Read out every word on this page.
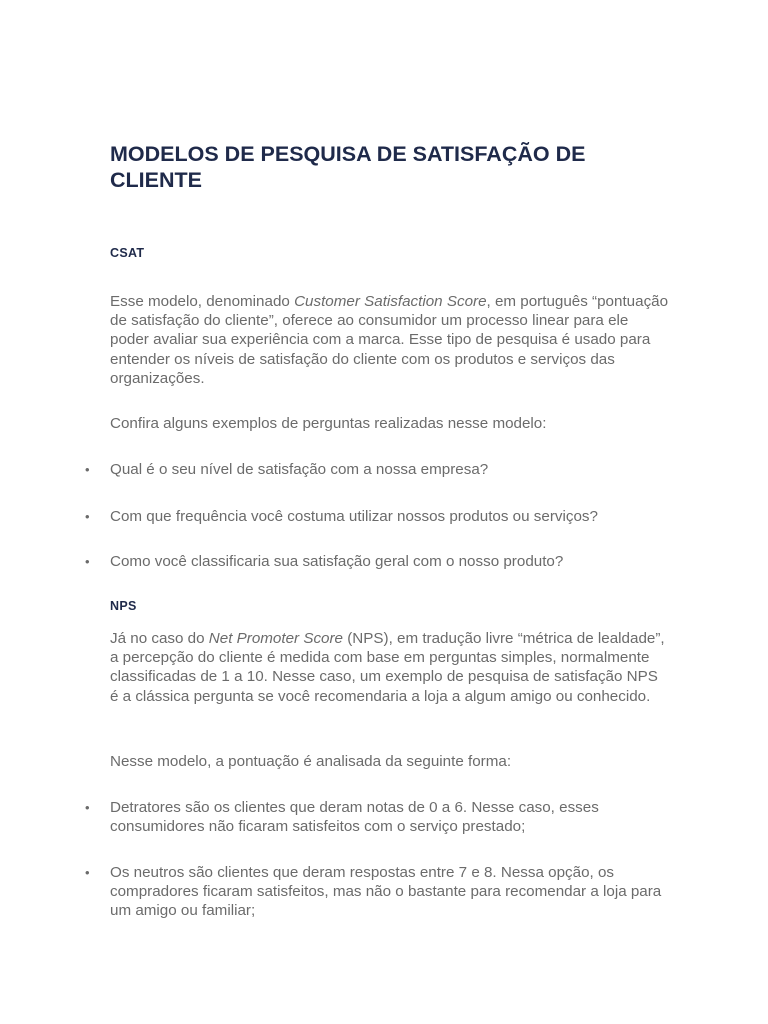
MODELOS DE PESQUISA DE SATISFAÇÃO DE CLIENTE

CSAT

Esse modelo, denominado Customer Satisfaction Score, em português “pontuação de satisfação do cliente”, oferece ao consumidor um processo linear para ele poder avaliar sua experiência com a marca. Esse tipo de pesquisa é usado para entender os níveis de satisfação do cliente com os produtos e serviços das organizações.

Confira alguns exemplos de perguntas realizadas nesse modelo:

•	Qual é o seu nível de satisfação com a nossa empresa?
•	Com que frequência você costuma utilizar nossos produtos ou serviços?
•	Como você classificaria sua satisfação geral com o nosso produto?

NPS

Já no caso do Net Promoter Score (NPS), em tradução livre “métrica de lealdade”, a percepção do cliente é medida com base em perguntas simples, normalmente classificadas de 1 a 10. Nesse caso, um exemplo de pesquisa de satisfação NPS é a clássica pergunta se você recomendaria a loja a algum amigo ou conhecido.

Nesse modelo, a pontuação é analisada da seguinte forma:

•	Detratores são os clientes que deram notas de 0 a 6. Nesse caso, esses consumidores não ficaram satisfeitos com o serviço prestado;
•	Os neutros são clientes que deram respostas entre 7 e 8. Nessa opção, os compradores ficaram satisfeitos, mas não o bastante para recomendar a loja para um amigo ou familiar;
